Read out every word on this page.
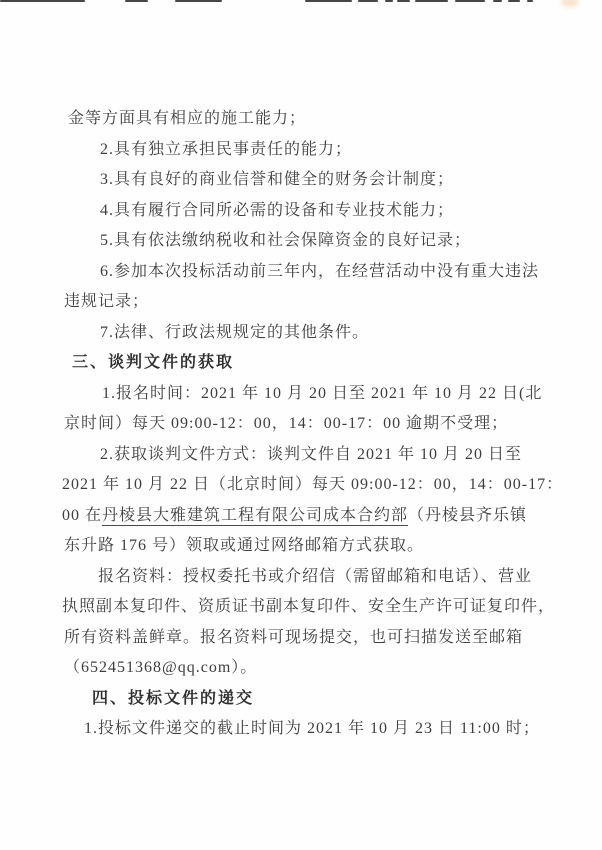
金等方面具有相应的施工能力；
2.具有独立承担民事责任的能力；
3.具有良好的商业信誉和健全的财务会计制度；
4.具有履行合同所必需的设备和专业技术能力；
5.具有依法缴纳税收和社会保障资金的良好记录；
6.参加本次投标活动前三年内，在经营活动中没有重大违法
违规记录；
7.法律、行政法规规定的其他条件。
三、谈判文件的获取
1.报名时间：2021 年 10 月 20 日至 2021 年 10 月 22 日(北
京时间）每天 09:00-12：00，14：00-17：00 逾期不受理；
2.获取谈判文件方式：谈判文件自 2021 年 10 月 20 日至
2021 年 10 月 22 日（北京时间）每天 09:00-12：00，14：00-17：
00 在丹棱县大雅建筑工程有限公司成本合约部（丹棱县齐乐镇
东升路 176 号）领取或通过网络邮箱方式获取。
报名资料：授权委托书或介绍信（需留邮箱和电话）、营业
执照副本复印件、资质证书副本复印件、安全生产许可证复印件，
所有资料盖鲜章。报名资料可现场提交，也可扫描发送至邮箱
（652451368@qq.com）。
四、投标文件的递交
1.投标文件递交的截止时间为 2021 年 10 月 23 日 11:00 时；
